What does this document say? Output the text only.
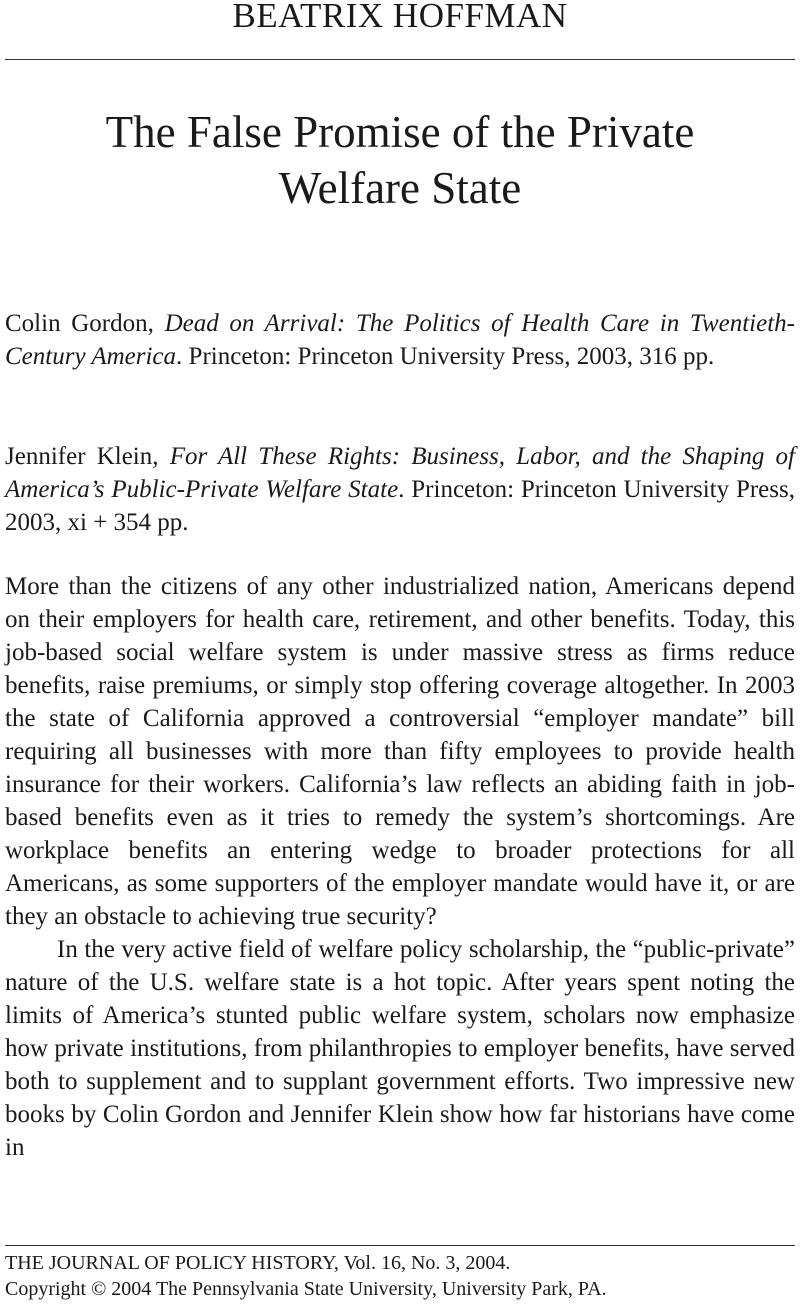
BEATRIX HOFFMAN
The False Promise of the Private
Welfare State
Colin Gordon, Dead on Arrival: The Politics of Health Care in Twentieth-Century America. Princeton: Princeton University Press, 2003, 316 pp.
Jennifer Klein, For All These Rights: Business, Labor, and the Shaping of America’s Public-Private Welfare State. Princeton: Princeton University Press, 2003, xi + 354 pp.

More than the citizens of any other industrialized nation, Americans depend on their employers for health care, retirement, and other benefits. Today, this job-based social welfare system is under massive stress as firms reduce benefits, raise premiums, or simply stop offering coverage altogether. In 2003 the state of California approved a controversial “employer mandate” bill requiring all businesses with more than fifty employees to provide health insurance for their workers. California’s law reflects an abiding faith in job-based benefits even as it tries to remedy the system’s shortcomings. Are workplace benefits an entering wedge to broader protections for all Americans, as some supporters of the employer mandate would have it, or are they an obstacle to achieving true security?

In the very active field of welfare policy scholarship, the “public-private” nature of the U.S. welfare state is a hot topic. After years spent noting the limits of America’s stunted public welfare system, scholars now emphasize how private institutions, from philanthropies to employer benefits, have served both to supplement and to supplant government efforts. Two impressive new books by Colin Gordon and Jennifer Klein show how far historians have come in

THE JOURNAL OF POLICY HISTORY, Vol. 16, No. 3, 2004.
Copyright © 2004 The Pennsylvania State University, University Park, PA.
